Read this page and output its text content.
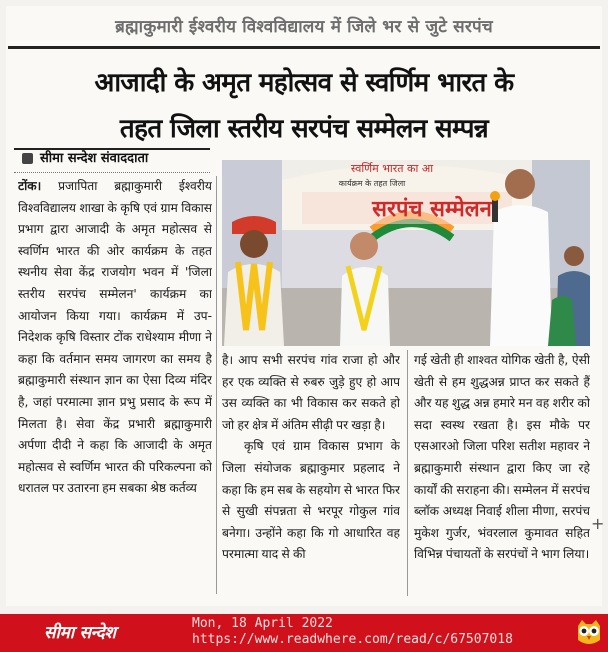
ब्रह्माकुमारी ईश्वरीय विश्वविद्यालय में जिले भर से जुटे सरपंच
आजादी के अमृत महोत्सव से स्वर्णिम भारत के
तहत जिला स्तरीय सरपंच सम्मेलन सम्पन्न
सीमा सन्देश संवाददाता
स्वर्णिम भारत का आ
कार्यक्रम के तहत जिला
सरपंच सम्मेलन

टोंक। प्रजापिता ब्रह्माकुमारी ईश्वरीय विश्वविद्यालय शाखा के कृषि एवं ग्राम विकास प्रभाग द्वारा आजादी के अमृत महोत्सव से स्वर्णिम भारत की ओर कार्यक्रम के तहत स्थनीय सेवा केंद्र राजयोग भवन में 'जिला स्तरीय सरपंच सम्मेलन' कार्यक्रम का आयोजन किया गया। कार्यक्रम में उप- निदेशक कृषि विस्तार टोंक राधेश्याम मीणा ने कहा कि वर्तमान समय जागरण का समय है ब्रह्माकुमारी संस्थान ज्ञान का ऐसा दिव्य मंदिर है, जहां परमात्मा ज्ञान प्रभु प्रसाद के रूप में मिलता है। सेवा केंद्र प्रभारी ब्रह्माकुमारी अर्पणा दीदी ने कहा कि आजादी के अमृत महोत्सव से स्वर्णिम भारत की परिकल्पना को धरातल पर उतारना हम सबका श्रेष्ठ कर्तव्य

है। आप सभी सरपंच गांव राजा हो और हर एक व्यक्ति से रुबरु जुड़े हुए हो आप उस व्यक्ति का भी विकास कर सकते हो जो हर क्षेत्र में अंतिम सीढ़ी पर खड़ा है।

कृषि एवं ग्राम विकास प्रभाग के जिला संयोजक ब्रह्माकुमार प्रहलाद ने कहा कि हम सब के सहयोग से भारत फिर से सुखी संपन्नता से भरपूर गोकुल गांव बनेगा। उन्होंने कहा कि गो आधारित वह परमात्मा याद से की

गई खेती ही शाश्वत योगिक खेती है, ऐसी खेती से हम शुद्धअन्न प्राप्त कर सकते हैं और यह शुद्ध अन्न हमारे मन वह शरीर को सदा स्वस्थ रखता है। इस मौके पर एसआरओ जिला परिश सतीश महावर ने ब्रह्माकुमारी संस्थान द्वारा किए जा रहे कार्यों की सराहना की। सम्मेलन में सरपंच ब्लॉक अध्यक्ष निवाई शीला मीणा, सरपंच मुकेश गुर्जर, भंवरलाल कुमावत सहित विभिन्न पंचायतों के सरपंचों ने भाग लिया।

+
सीमा सन्देश	Mon, 18 April 2022
https://www.readwhere.com/read/c/67507018
